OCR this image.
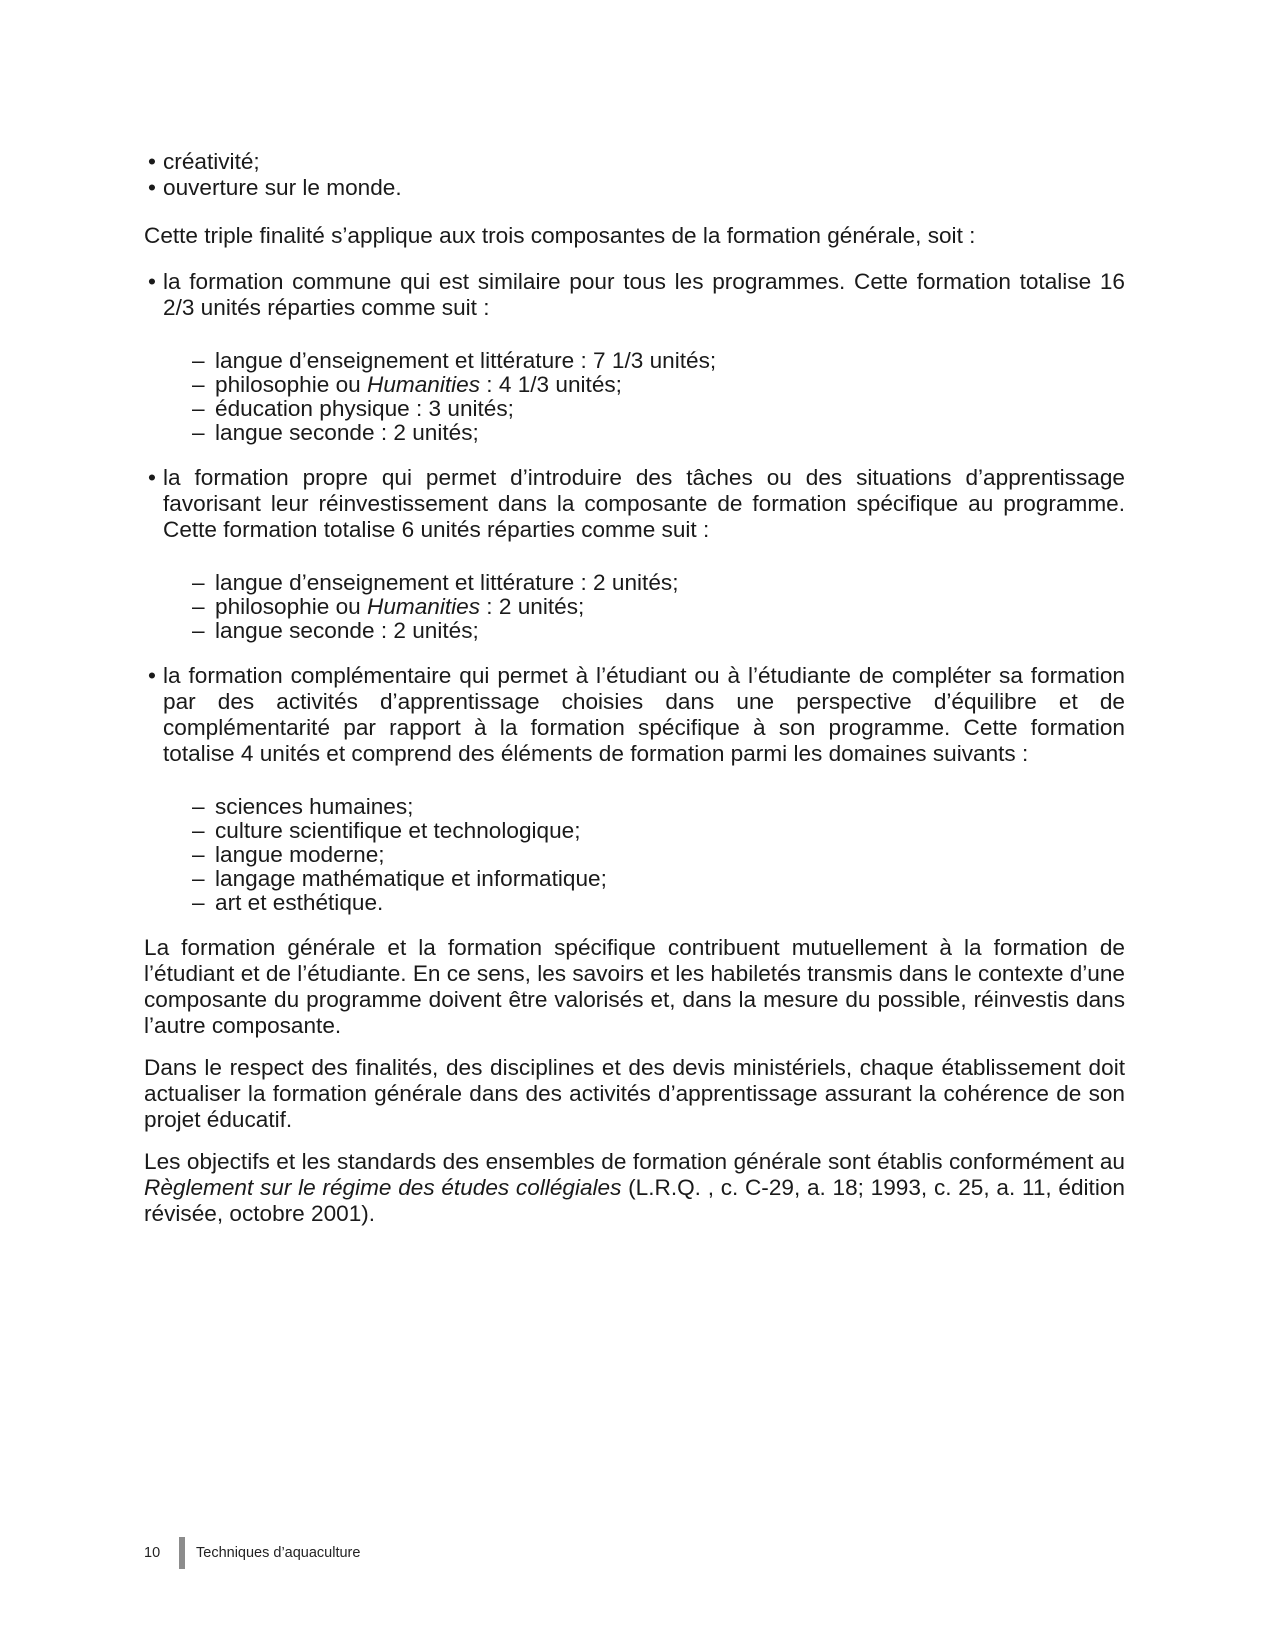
• créativité;
• ouverture sur le monde.

Cette triple finalité s’applique aux trois composantes de la formation générale, soit :

• la formation commune qui est similaire pour tous les programmes. Cette formation totalise 16 2/3 unités réparties comme suit :
– langue d’enseignement et littérature : 7 1/3 unités;
– philosophie ou Humanities : 4 1/3 unités;
– éducation physique : 3 unités;
– langue seconde : 2 unités;
• la formation propre qui permet d’introduire des tâches ou des situations d’apprentissage favorisant leur réinvestissement dans la composante de formation spécifique au programme. Cette formation totalise 6 unités réparties comme suit :
– langue d’enseignement et littérature : 2 unités;
– philosophie ou Humanities : 2 unités;
– langue seconde : 2 unités;
• la formation complémentaire qui permet à l’étudiant ou à l’étudiante de compléter sa formation par des activités d’apprentissage choisies dans une perspective d’équilibre et de complémentarité par rapport à la formation spécifique à son programme. Cette formation totalise 4 unités et comprend des éléments de formation parmi les domaines suivants :
– sciences humaines;
– culture scientifique et technologique;
– langue moderne;
– langage mathématique et informatique;
– art et esthétique.

La formation générale et la formation spécifique contribuent mutuellement à la formation de l’étudiant et de l’étudiante. En ce sens, les savoirs et les habiletés transmis dans le contexte d’une composante du programme doivent être valorisés et, dans la mesure du possible, réinvestis dans l’autre composante.

Dans le respect des finalités, des disciplines et des devis ministériels, chaque établissement doit actualiser la formation générale dans des activités d’apprentissage assurant la cohérence de son projet éducatif.

Les objectifs et les standards des ensembles de formation générale sont établis conformément au Règlement sur le régime des études collégiales (L.R.Q. , c. C-29, a. 18; 1993, c. 25, a. 11, édition révisée, octobre 2001).

10	Techniques d’aquaculture
